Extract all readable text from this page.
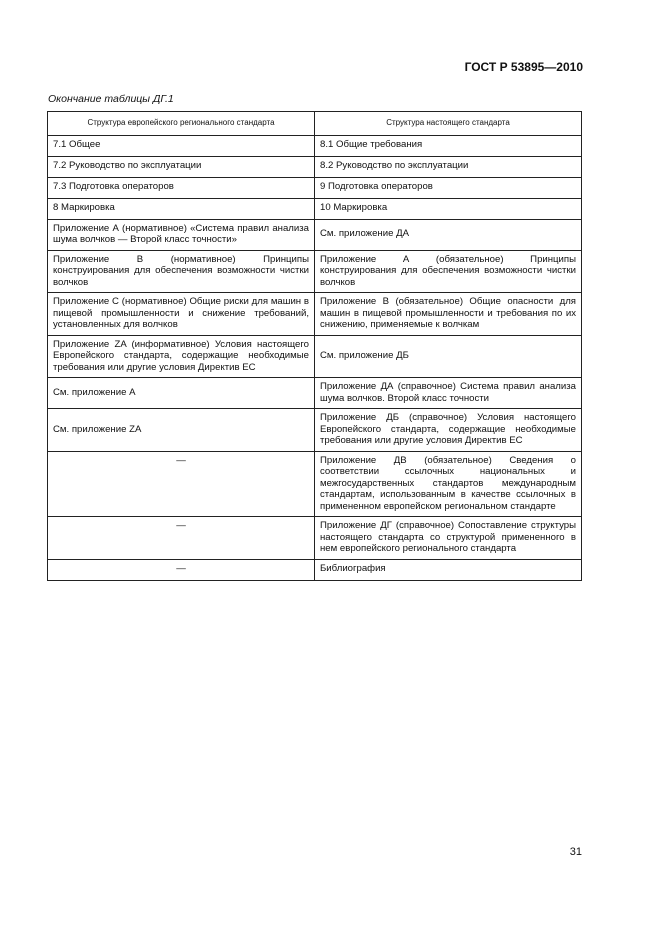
ГОСТ Р 53895—2010
Окончание таблицы ДГ.1
Структура европейского регионального стандарта	Структура настоящего стандарта
7.1 Общее	8.1 Общие требования
7.2 Руководство по эксплуатации	8.2 Руководство по эксплуатации
7.3 Подготовка операторов	9 Подготовка операторов
8 Маркировка	10 Маркировка
Приложение А (нормативное) «Система правил анализа шума волчков — Второй класс точности»	См. приложение ДА
Приложение В (нормативное) Принципы конструирования для обеспечения возможности чистки волчков	Приложение А (обязательное) Принципы конструирования для обеспечения возможности чистки волчков
Приложение С (нормативное) Общие риски для машин в пищевой промышленности и снижение требований, установленных для волчков	Приложение В (обязательное) Общие опасности для машин в пищевой промышленности и требования по их снижению, применяемые к волчкам
Приложение ZA (информативное) Условия настоящего Европейского стандарта, содержащие необходимые требования или другие условия Директив ЕС	См. приложение ДБ
См. приложение А	Приложение ДА (справочное) Система правил анализа шума волчков. Второй класс точности
См. приложение ZA	Приложение ДБ (справочное) Условия настоящего Европейского стандарта, содержащие необходимые требования или другие условия Директив ЕС
—	Приложение ДВ (обязательное) Сведения о соответствии ссылочных национальных и межгосударственных стандартов международным стандартам, использованным в качестве ссылочных в примененном европейском региональном стандарте
—	Приложение ДГ (справочное) Сопоставление структуры настоящего стандарта со структурой примененного в нем европейского регионального стандарта
—	Библиография
31
